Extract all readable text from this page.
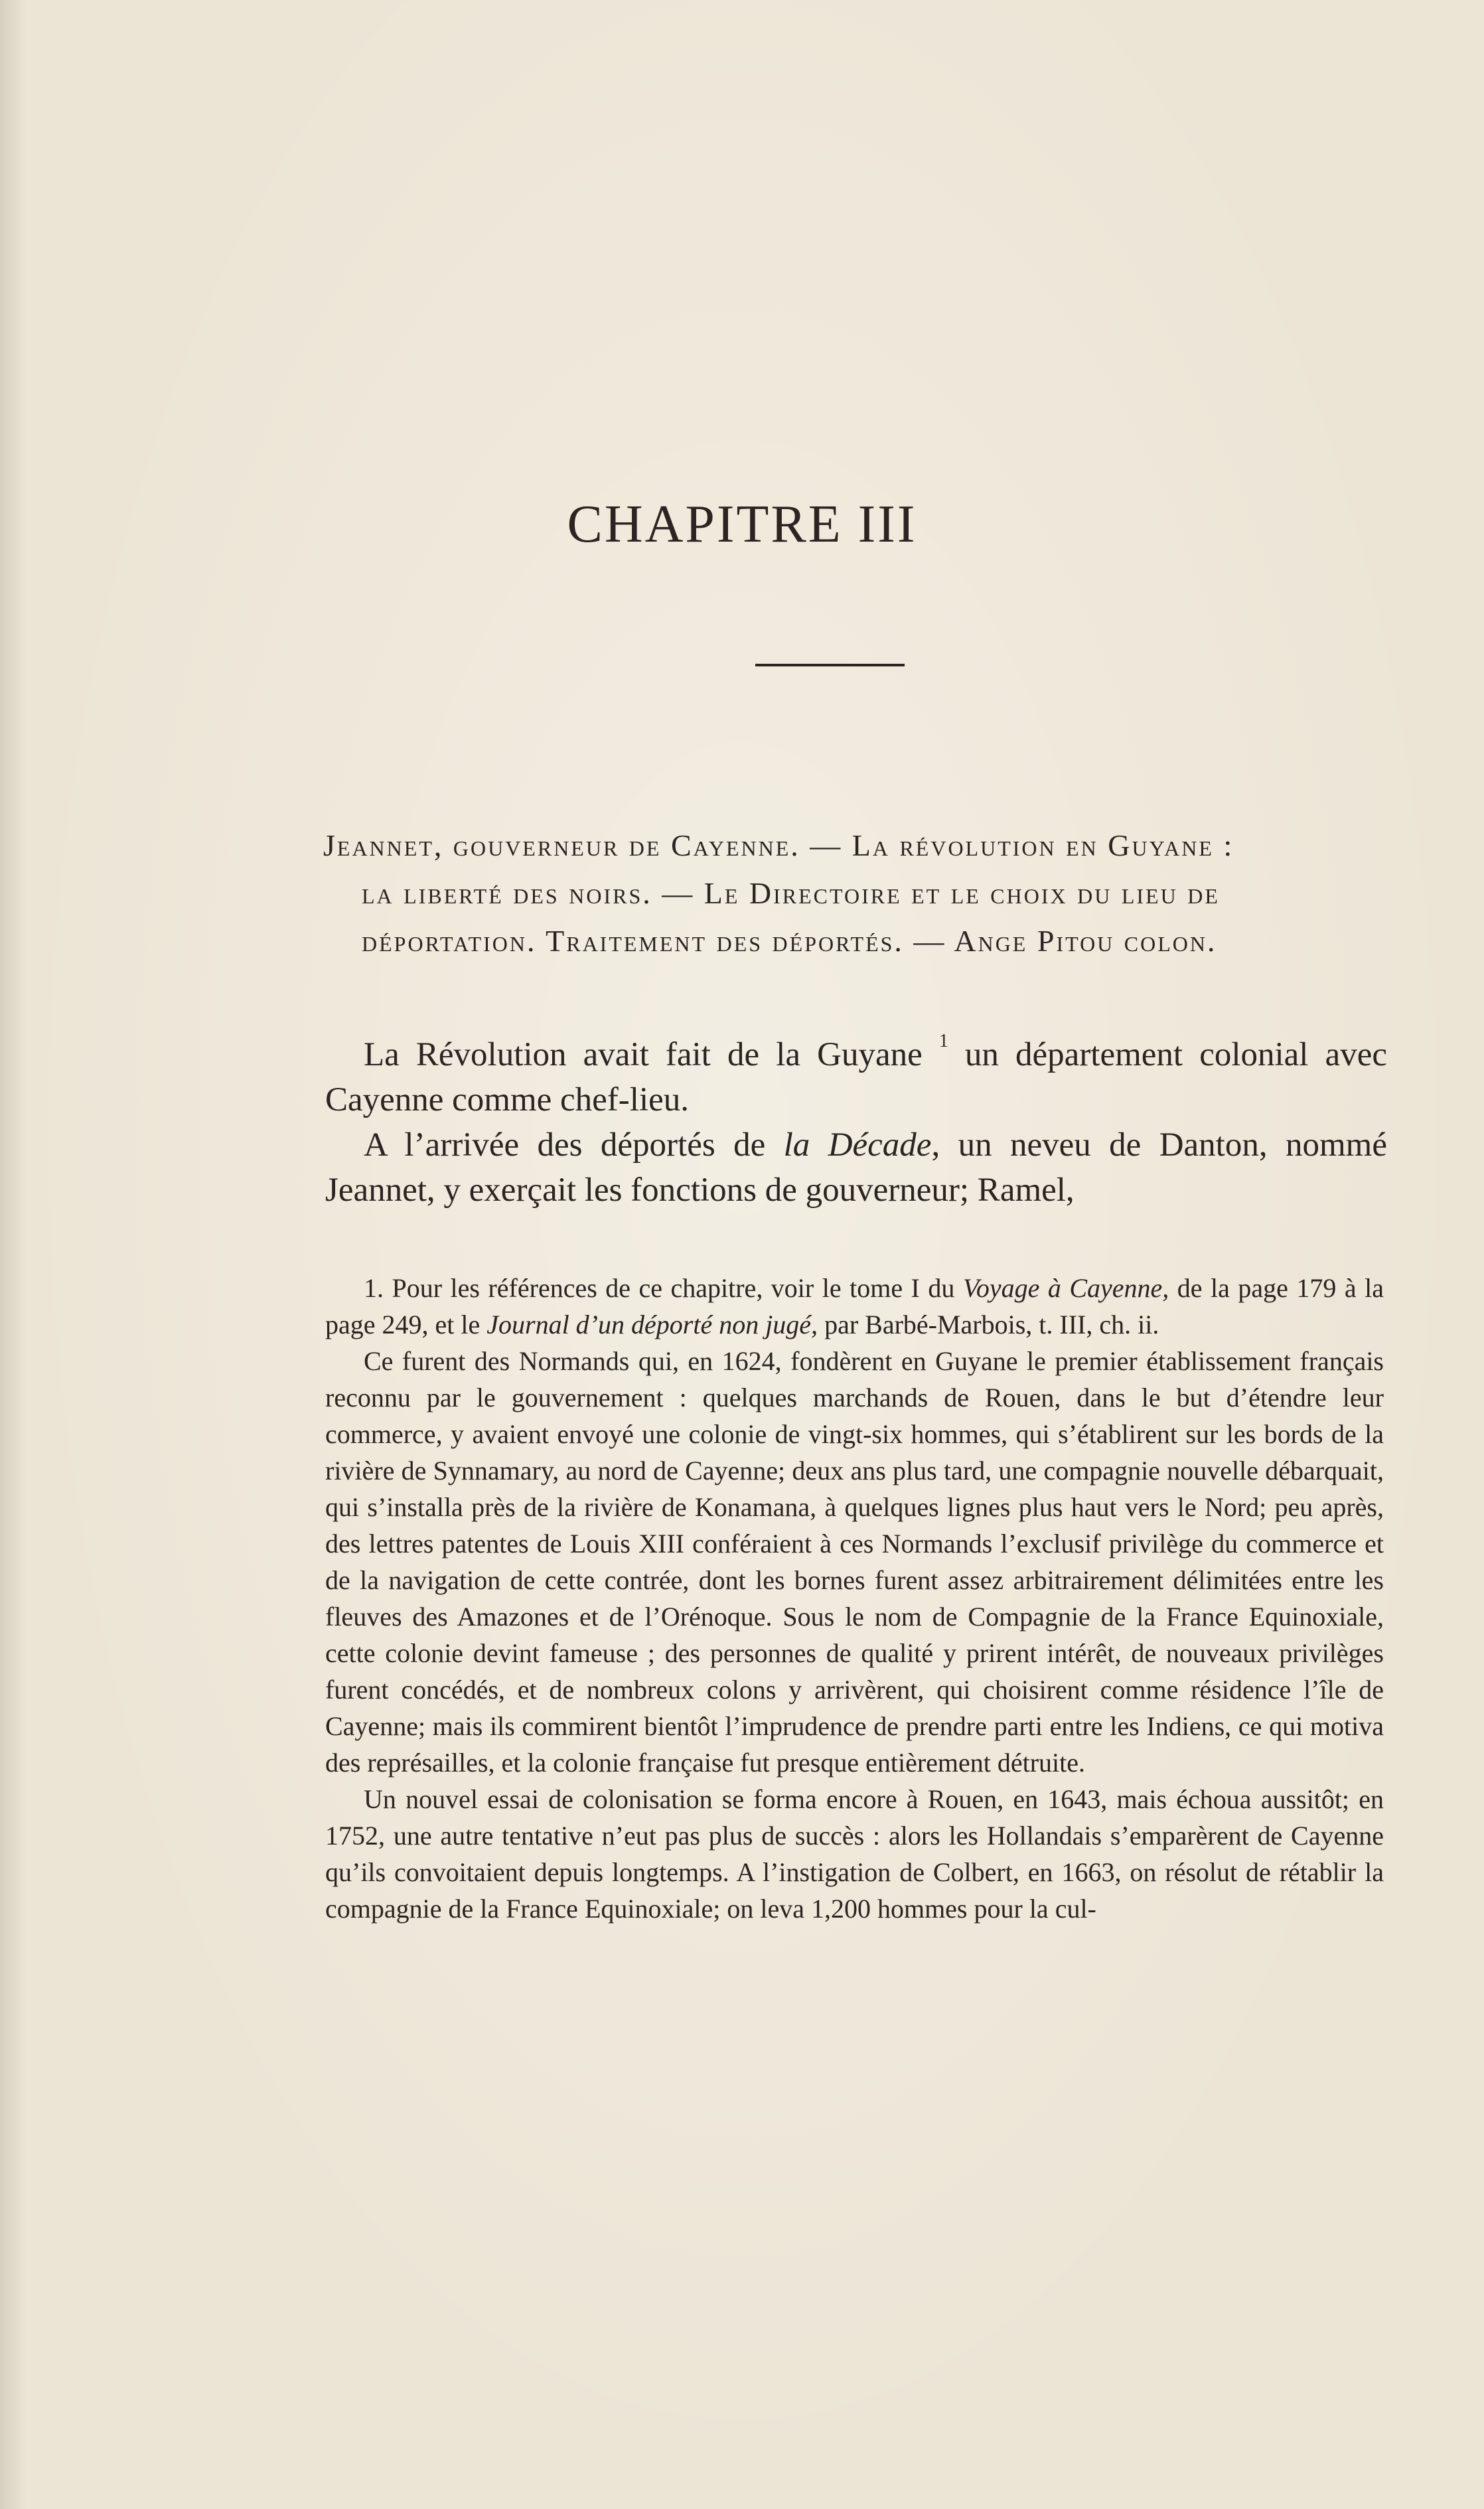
CHAPITRE III
Jeannet, gouverneur de Cayenne. — La révolution en Guyane :
la liberté des noirs. — Le Directoire et le choix du lieu de
déportation. Traitement des déportés. — Ange Pitou colon.

La Révolution avait fait de la Guyane $^1$ un département colonial avec Cayenne comme chef-lieu.

A l’arrivée des déportés de la Décade, un neveu de Danton, nommé Jeannet, y exerçait les fonctions de gouverneur; Ramel,

1. Pour les références de ce chapitre, voir le tome I du Voyage à Cayenne, de la page 179 à la page 249, et le Journal d’un déporté non jugé, par Barbé-Marbois, t. III, ch. ii.

Ce furent des Normands qui, en 1624, fondèrent en Guyane le premier établissement français reconnu par le gouvernement : quelques marchands de Rouen, dans le but d’étendre leur commerce, y avaient envoyé une colonie de vingt-six hommes, qui s’établirent sur les bords de la rivière de Synnamary, au nord de Cayenne; deux ans plus tard, une compagnie nouvelle débarquait, qui s’installa près de la rivière de Konamana, à quelques lignes plus haut vers le Nord; peu après, des lettres patentes de Louis XIII conféraient à ces Normands l’exclusif privilège du commerce et de la navigation de cette contrée, dont les bornes furent assez arbitrairement délimitées entre les fleuves des Amazones et de l’Orénoque. Sous le nom de Compagnie de la France Equinoxiale, cette colonie devint fameuse ; des personnes de qualité y prirent intérêt, de nouveaux privilèges furent concédés, et de nombreux colons y arrivèrent, qui choisirent comme résidence l’île de Cayenne; mais ils commirent bientôt l’imprudence de prendre parti entre les Indiens, ce qui motiva des représailles, et la colonie française fut presque entièrement détruite.

Un nouvel essai de colonisation se forma encore à Rouen, en 1643, mais échoua aussitôt; en 1752, une autre tentative n’eut pas plus de succès : alors les Hollandais s’emparèrent de Cayenne qu’ils convoitaient depuis longtemps. A l’instigation de Colbert, en 1663, on résolut de rétablir la compagnie de la France Equinoxiale; on leva 1,200 hommes pour la cul-
